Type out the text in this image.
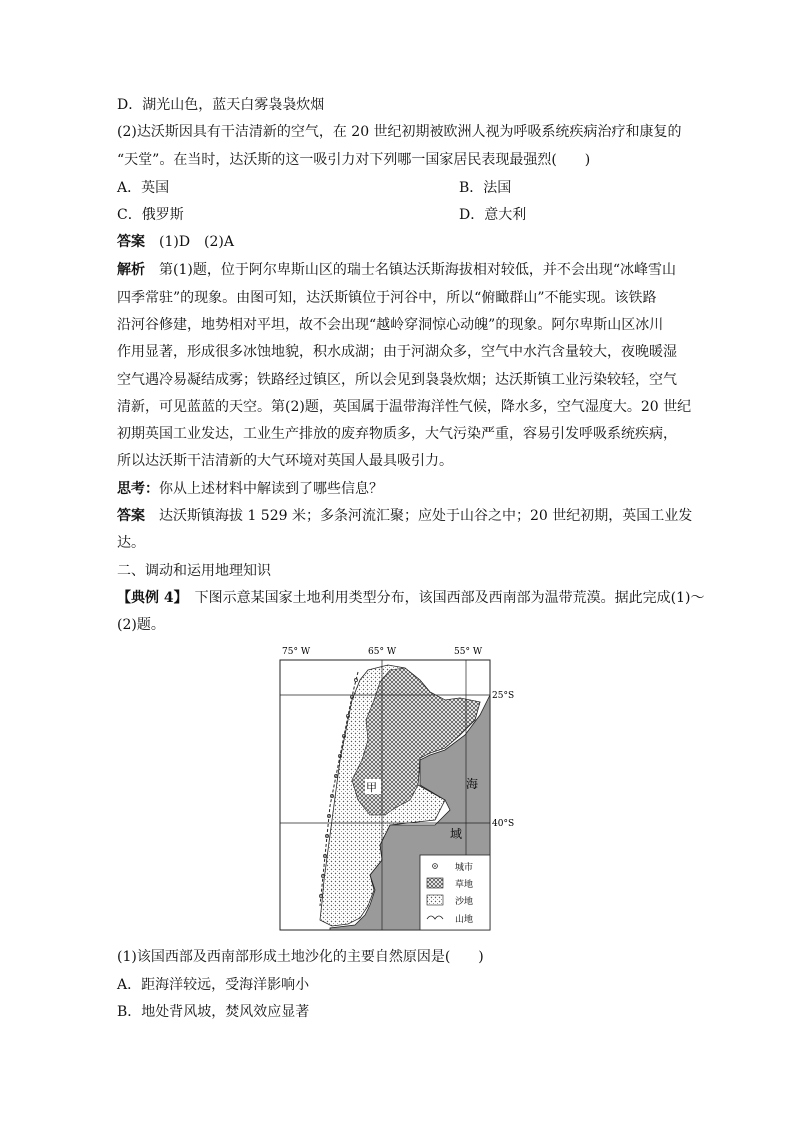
D．湖光山色，蓝天白雾袅袅炊烟
(2)达沃斯因具有干洁清新的空气，在 20 世纪初期被欧洲人视为呼吸系统疾病治疗和康复的
“天堂”。在当时，达沃斯的这一吸引力对下列哪一国家居民表现最强烈(　　)
A．英国	B．法国
C．俄罗斯	D．意大利
答案　 (1)D　(2)A
解析　 第(1)题，位于阿尔卑斯山区的瑞士名镇达沃斯海拔相对较低，并不会出现“冰峰雪山
四季常驻”的现象。由图可知，达沃斯镇位于河谷中，所以“俯瞰群山”不能实现。该铁路
沿河谷修建，地势相对平坦，故不会出现“越岭穿洞惊心动魄”的现象。阿尔卑斯山区冰川
作用显著，形成很多冰蚀地貌，积水成湖；由于河湖众多，空气中水汽含量较大，夜晚暖湿
空气遇冷易凝结成雾；铁路经过镇区，所以会见到袅袅炊烟；达沃斯镇工业污染较轻，空气
清新，可见蓝蓝的天空。第(2)题，英国属于温带海洋性气候，降水多，空气湿度大。20 世纪
初期英国工业发达，工业生产排放的废弃物质多，大气污染严重，容易引发呼吸系统疾病，
所以达沃斯干洁清新的大气环境对英国人最具吸引力。
思考：你从上述材料中解读到了哪些信息？
答案　 达沃斯镇海拔 1 529 米；多条河流汇聚；应处于山谷之中；20 世纪初期，英国工业发
达。
二、调动和运用地理知识
【典例 4】　 下图示意某国家土地利用类型分布，该国西部及西南部为温带荒漠。据此完成(1)～
(2)题。
75° W	65° W	55° W
25°S
40°S
甲	海
域
城市
草地
沙地
山地
(1)该国西部及西南部形成土地沙化的主要自然原因是(　　)
A．距海洋较远，受海洋影响小
B．地处背风坡，焚风效应显著
